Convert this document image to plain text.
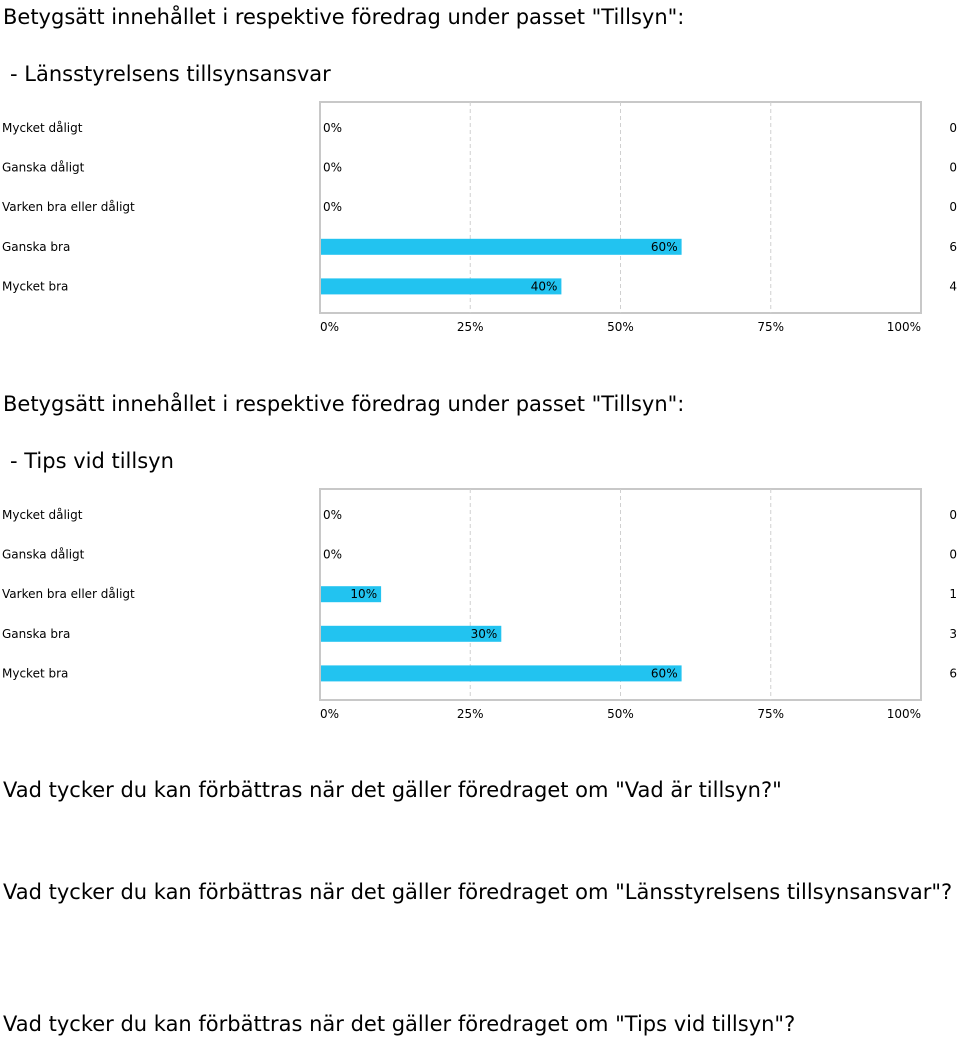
Betygsätt innehållet i respektive föredrag under passet "Tillsyn":
- Länsstyrelsens tillsynsansvar
Mycket dåligt	0%	0
Ganska dåligt	0%	0
Varken bra eller dåligt	0%	0
Ganska bra	60%	6
Mycket bra	40%	4
0%	25%	50%	75%	100%
Betygsätt innehållet i respektive föredrag under passet "Tillsyn":
- Tips vid tillsyn
Mycket dåligt	0%	0
Ganska dåligt	0%	0
Varken bra eller dåligt	10%	1
Ganska bra	30%	3
Mycket bra	60%	6
0%	25%	50%	75%	100%
Vad tycker du kan förbättras när det gäller föredraget om "Vad är tillsyn?"
Vad tycker du kan förbättras när det gäller föredraget om "Länsstyrelsens tillsynsansvar"?
Vad tycker du kan förbättras när det gäller föredraget om "Tips vid tillsyn"?
